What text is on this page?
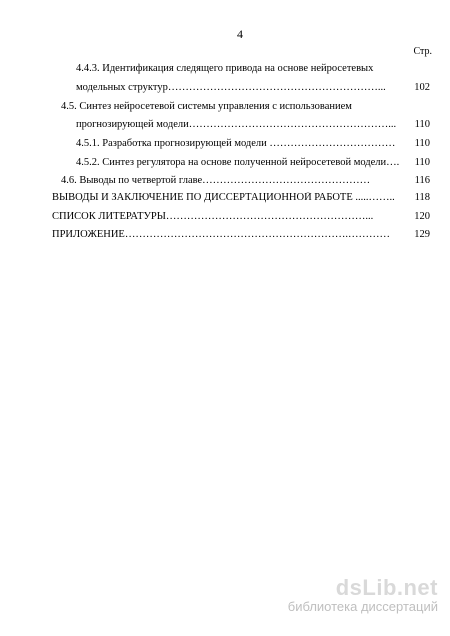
4
Стр.
4.4.3. Идентификация следящего привода на основе нейросетевых
модельных структур……………………………………………………...	102
4.5. Синтез нейросетевой системы управления с использованием
прогнозирующей модели…………………………………………………...	110
4.5.1. Разработка прогнозирующей модели ………………………………	110
4.5.2. Синтез регулятора на основе полученной нейросетевой модели….	110
4.6. Выводы по четвертой главе…………………………………………	116
ВЫВОДЫ И ЗАКЛЮЧЕНИЕ ПО ДИССЕРТАЦИОННОЙ РАБОТЕ .....……..	118
СПИСОК ЛИТЕРАТУРЫ…………………………………………………...	120
ПРИЛОЖЕНИЕ……………………………………………………….…………	129
dsLib.net
библиотека диссертаций
